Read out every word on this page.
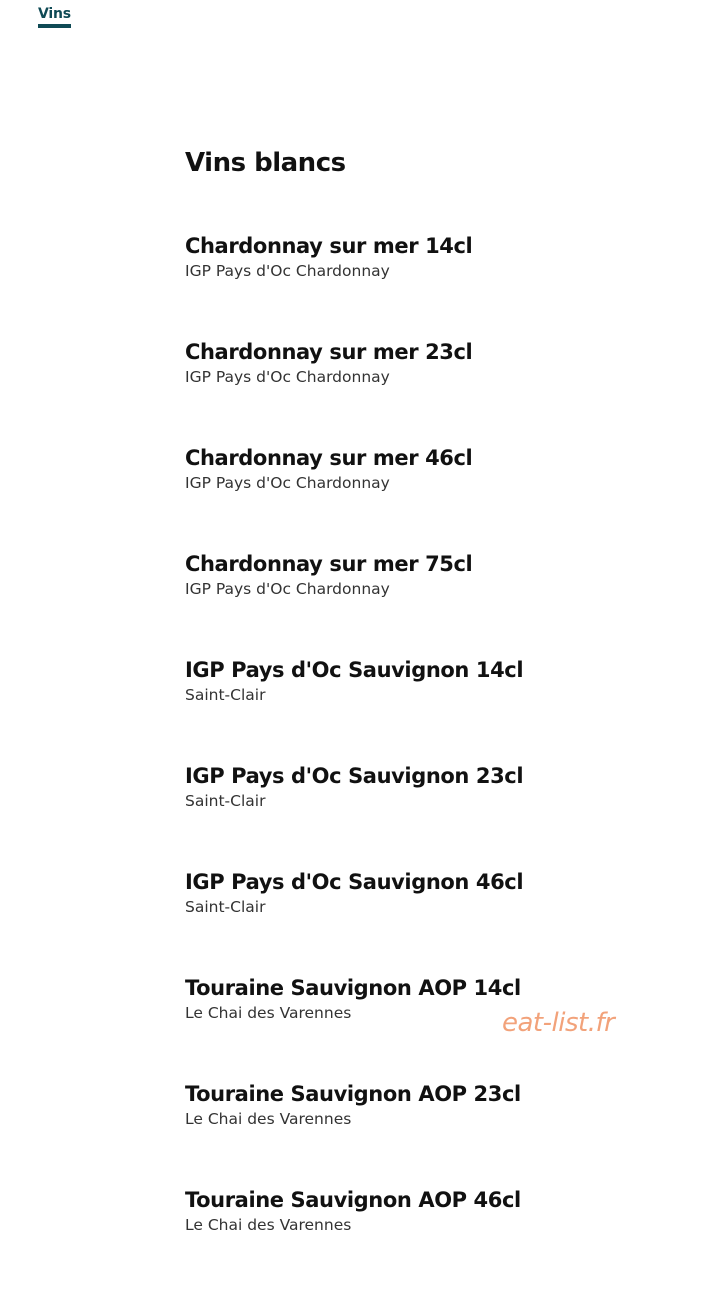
Vins
Vins blancs
Chardonnay sur mer 14cl
IGP Pays d'Oc Chardonnay
Chardonnay sur mer 23cl
IGP Pays d'Oc Chardonnay
Chardonnay sur mer 46cl
IGP Pays d'Oc Chardonnay
Chardonnay sur mer 75cl
IGP Pays d'Oc Chardonnay
IGP Pays d'Oc Sauvignon 14cl
Saint-Clair
IGP Pays d'Oc Sauvignon 23cl
Saint-Clair
IGP Pays d'Oc Sauvignon 46cl
Saint-Clair
Touraine Sauvignon AOP 14cl
Le Chai des Varennes
Touraine Sauvignon AOP 23cl
Le Chai des Varennes
Touraine Sauvignon AOP 46cl
Le Chai des Varennes
eat-list.fr
